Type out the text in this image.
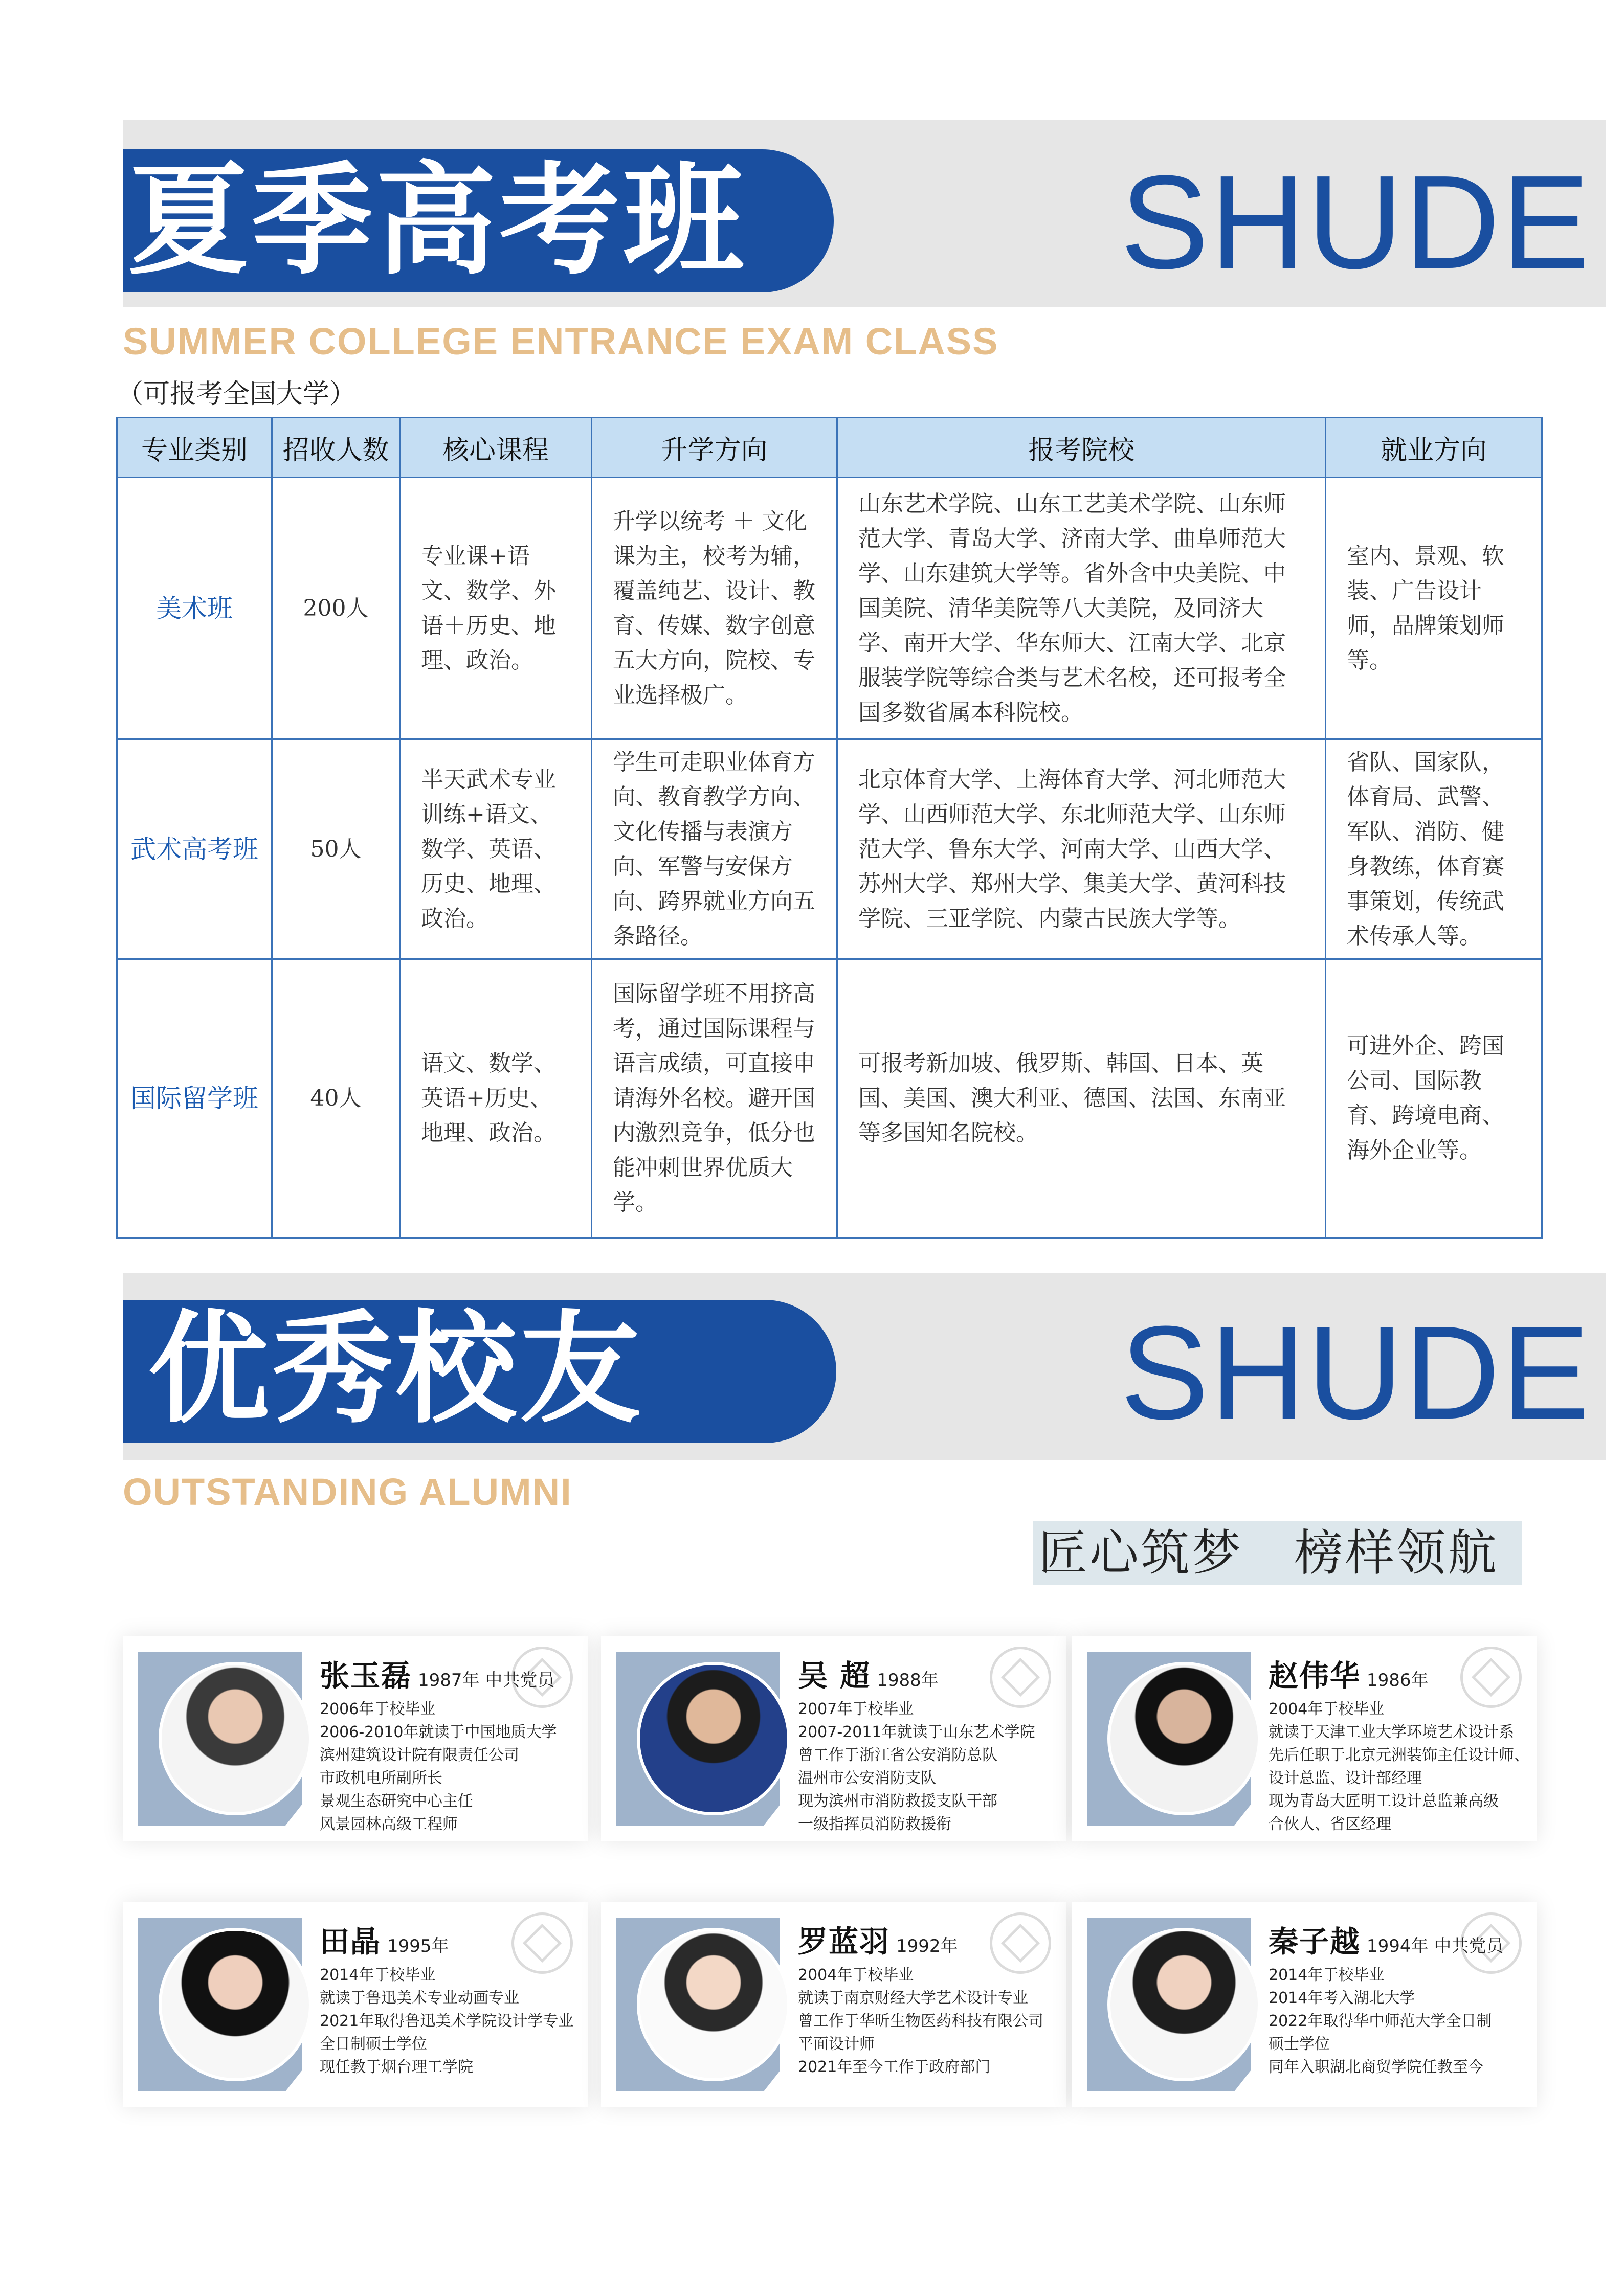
夏季高考班	SHUDE
SUMMER COLLEGE ENTRANCE EXAM CLASS
（可报考全国大学）
专业类别	招收人数	核心课程	升学方向	报考院校	就业方向
美术班	200人	专业课+语文、数学、外语＋历史、地理、政治。	升学以统考 ＋ 文化课为主，校考为辅，覆盖纯艺、设计、教育、传媒、数字创意五大方向，院校、专业选择极广。	山东艺术学院、山东工艺美术学院、山东师范大学、青岛大学、济南大学、曲阜师范大学、山东建筑大学等。省外含中央美院、中国美院、清华美院等八大美院，及同济大学、南开大学、华东师大、江南大学、北京服装学院等综合类与艺术名校，还可报考全国多数省属本科院校。	室内、景观、软装、广告设计师，品牌策划师等。
武术高考班	50人	半天武术专业训练+语文、数学、英语、历史、地理、政治。	学生可走职业体育方向、教育教学方向、文化传播与表演方向、军警与安保方向、跨界就业方向五条路径。	北京体育大学、上海体育大学、河北师范大学、山西师范大学、东北师范大学、山东师范大学、鲁东大学、河南大学、山西大学、苏州大学、郑州大学、集美大学、黄河科技学院、三亚学院、内蒙古民族大学等。	省队、国家队，体育局、武警、军队、消防、健身教练，体育赛事策划，传统武术传承人等。
国际留学班	40人	语文、数学、英语+历史、地理、政治。	国际留学班不用挤高考，通过国际课程与语言成绩，可直接申请海外名校。避开国内激烈竞争，低分也能冲刺世界优质大学。	可报考新加坡、俄罗斯、韩国、日本、英国、美国、澳大利亚、德国、法国、东南亚等多国知名院校。	可进外企、跨国公司、国际教育、跨境电商、海外企业等。
优秀校友	SHUDE
OUTSTANDING ALUMNI
匠心筑梦　榜样领航
张玉磊 1987年 中共党员
2006年于校毕业
2006-2010年就读于中国地质大学
滨州建筑设计院有限责任公司
市政机电所副所长
景观生态研究中心主任
风景园林高级工程师
吴 超 1988年
2007年于校毕业
2007-2011年就读于山东艺术学院
曾工作于浙江省公安消防总队
温州市公安消防支队
现为滨州市消防救援支队干部
一级指挥员消防救援衔
赵伟华 1986年
2004年于校毕业
就读于天津工业大学环境艺术设计系
先后任职于北京元洲装饰主任设计师、
设计总监、设计部经理
现为青岛大匠明工设计总监兼高级
合伙人、省区经理
田晶 1995年
2014年于校毕业
就读于鲁迅美术专业动画专业
2021年取得鲁迅美术学院设计学专业
全日制硕士学位
现任教于烟台理工学院
罗蓝羽 1992年
2004年于校毕业
就读于南京财经大学艺术设计专业
曾工作于华昕生物医药科技有限公司
平面设计师
2021年至今工作于政府部门
秦子越 1994年 中共党员
2014年于校毕业
2014年考入湖北大学
2022年取得华中师范大学全日制
硕士学位
同年入职湖北商贸学院任教至今
